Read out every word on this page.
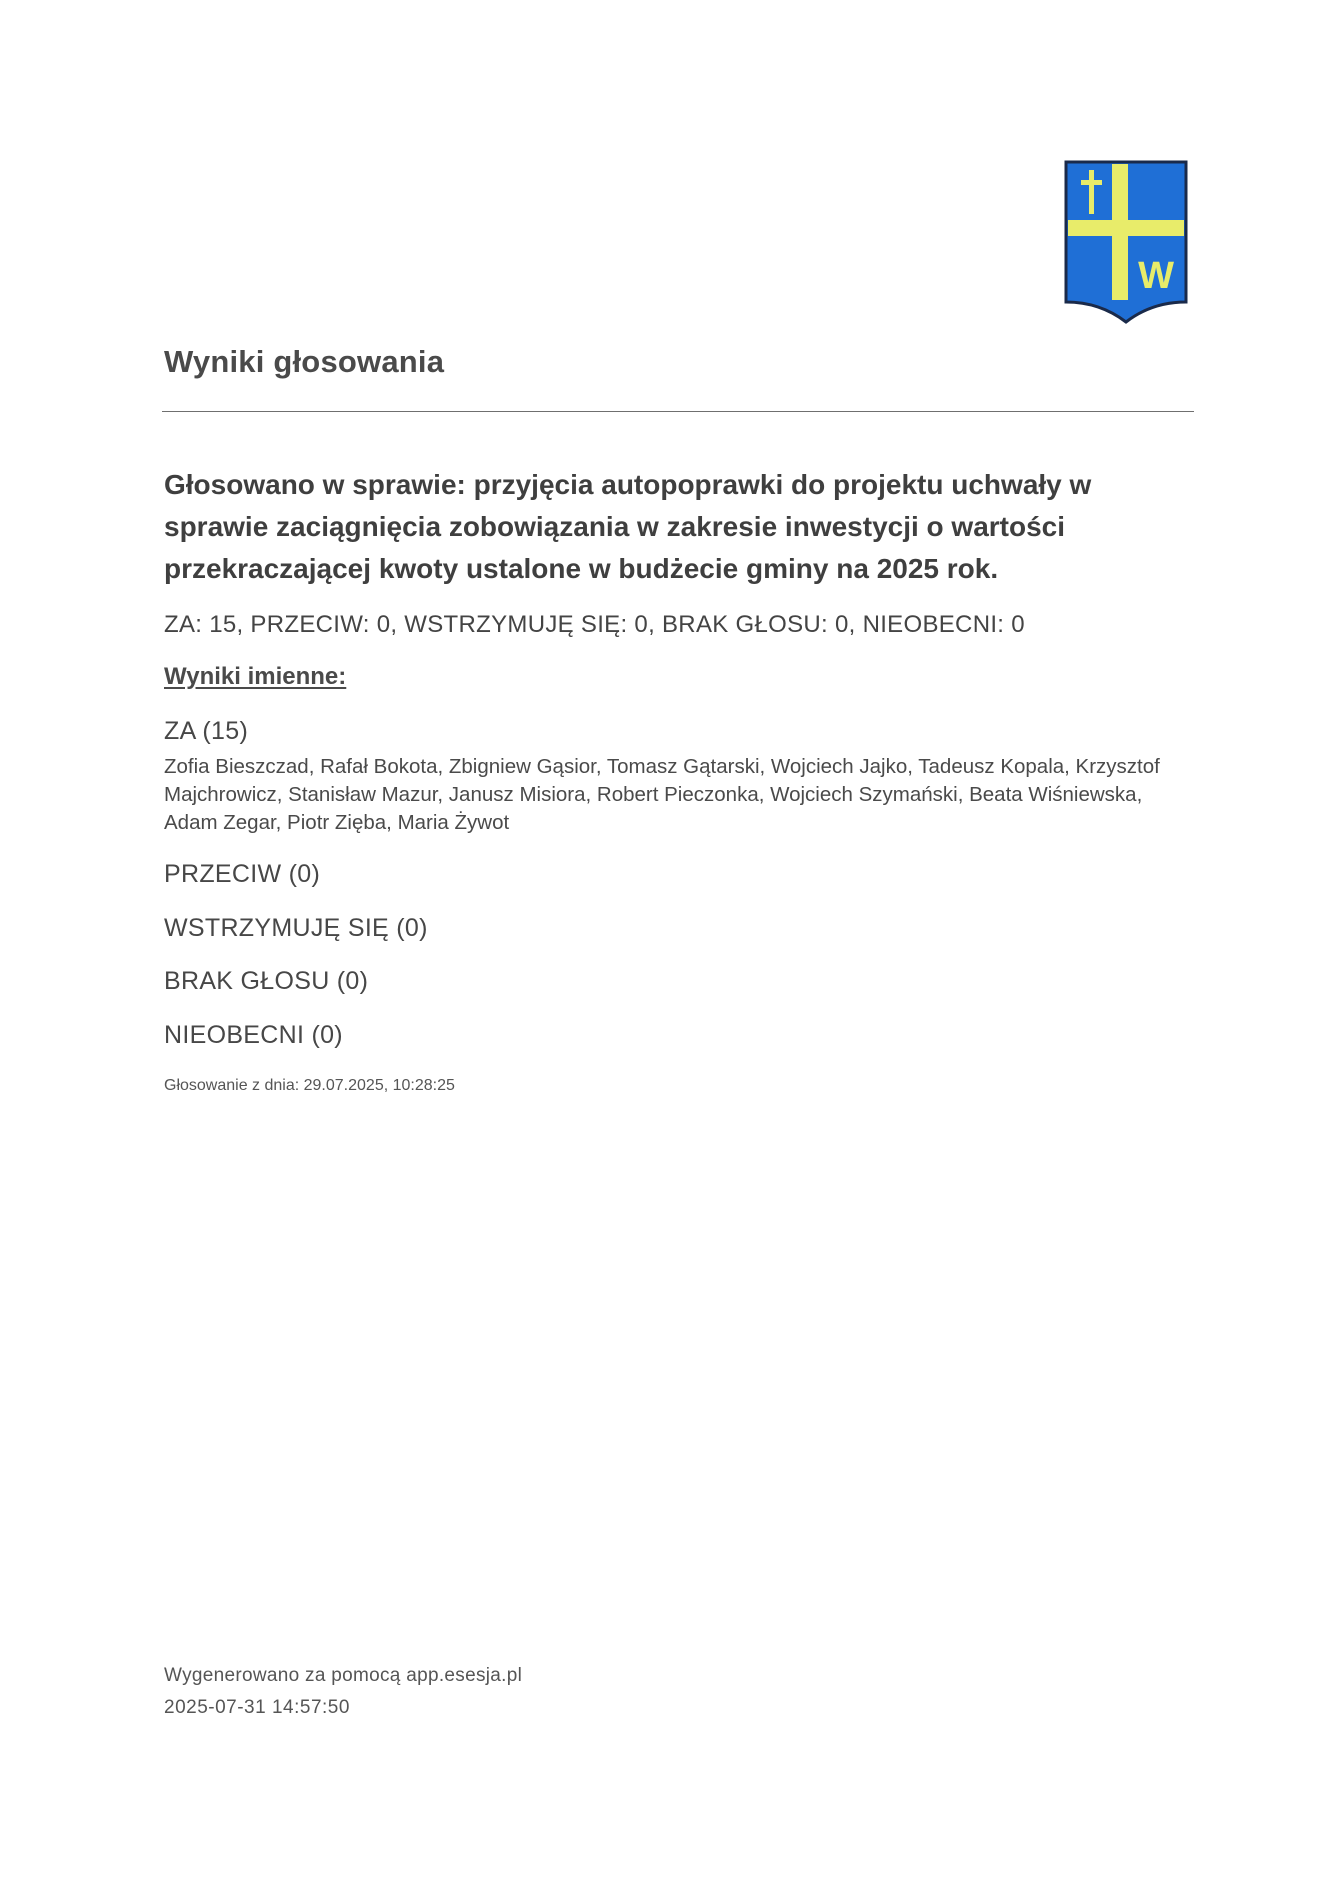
W
Wyniki głosowania

Głosowano w sprawie: przyjęcia autopoprawki do projektu uchwały w sprawie zaciągnięcia zobowiązania w zakresie inwestycji o wartości przekraczającej kwoty ustalone w budżecie gminy na 2025 rok.

ZA: 15, PRZECIW: 0, WSTRZYMUJĘ SIĘ: 0, BRAK GŁOSU: 0, NIEOBECNI: 0

Wyniki imienne:

ZA (15)

Zofia Bieszczad, Rafał Bokota, Zbigniew Gąsior, Tomasz Gątarski, Wojciech Jajko, Tadeusz Kopala, Krzysztof Majchrowicz, Stanisław Mazur, Janusz Misiora, Robert Pieczonka, Wojciech Szymański, Beata Wiśniewska, Adam Zegar, Piotr Zięba, Maria Żywot

PRZECIW (0)

WSTRZYMUJĘ SIĘ (0)

BRAK GŁOSU (0)

NIEOBECNI (0)

Głosowanie z dnia: 29.07.2025, 10:28:25

Wygenerowano za pomocą app.esesja.pl

2025-07-31 14:57:50
